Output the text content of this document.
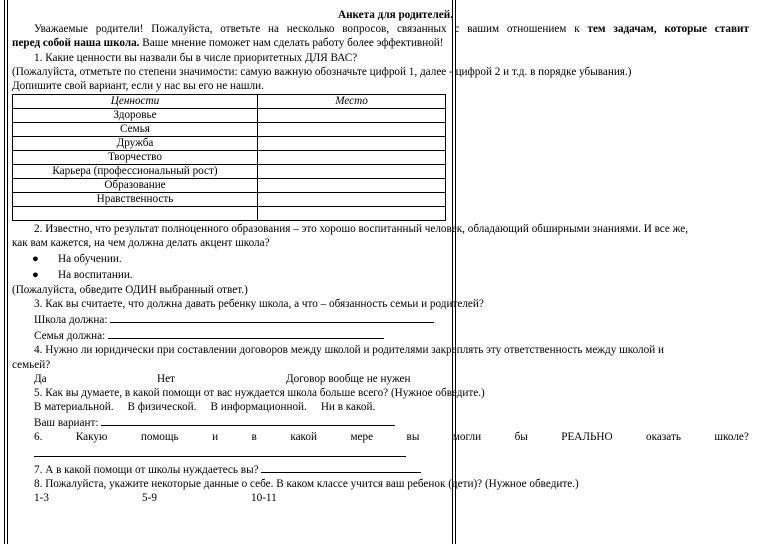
Анкета для родителей.
Уважаемые родители! Пожалуйста, ответьте на несколько вопросов, связанных с вашим отношением к тем задачам, которые ставит
перед собой наша школа. Ваше мнение поможет нам сделать работу более эффективной!
1. Какие ценности вы назвали бы в числе приоритетных ДЛЯ ВАС?
(Пожалуйста, отметьте по степени значимости: самую важную обозначьте цифрой 1, далее - цифрой 2 и т.д. в порядке убывания.)
Допишите свой вариант, если у нас вы его не нашли.
Ценности	Место
Здоровье	
Семья	
Дружба	
Творчество	
Карьера (профессиональный рост)	
Образование	
Нравственность	

2. Известно, что результат полноценного образования – это хорошо воспитанный человек, обладающий обширными знаниями. И все же,
как вам кажется, на чем должна делать акцент школа?
● На обучении.
● На воспитании.
(Пожалуйста, обведите ОДИН выбранный ответ.)
3. Как вы считаете, что должна давать ребенку школа, а что – обязанность семьи и родителей?
Школа должна:
Семья должна:
4. Нужно ли юридически при составлении договоров между школой и родителями закреплять эту ответственность между школой и
семьей?
Да	Нет	Договор вообще не нужен
5. Как вы думаете, в какой помощи от вас нуждается школа больше всего? (Нужное обведите.)
В материальной. В физической. В информационной. Ни в какой.
Ваш вариант:
6.	Какую	помощь	и	в	какой	мере	вы	могли	бы	РЕАЛЬНО	оказать	школе?
7. А в какой помощи от школы нуждаетесь вы?
8. Пожалуйста, укажите некоторые данные о себе. В каком классе учится ваш ребенок (дети)? (Нужное обведите.)
1-3	5-9	10-11
